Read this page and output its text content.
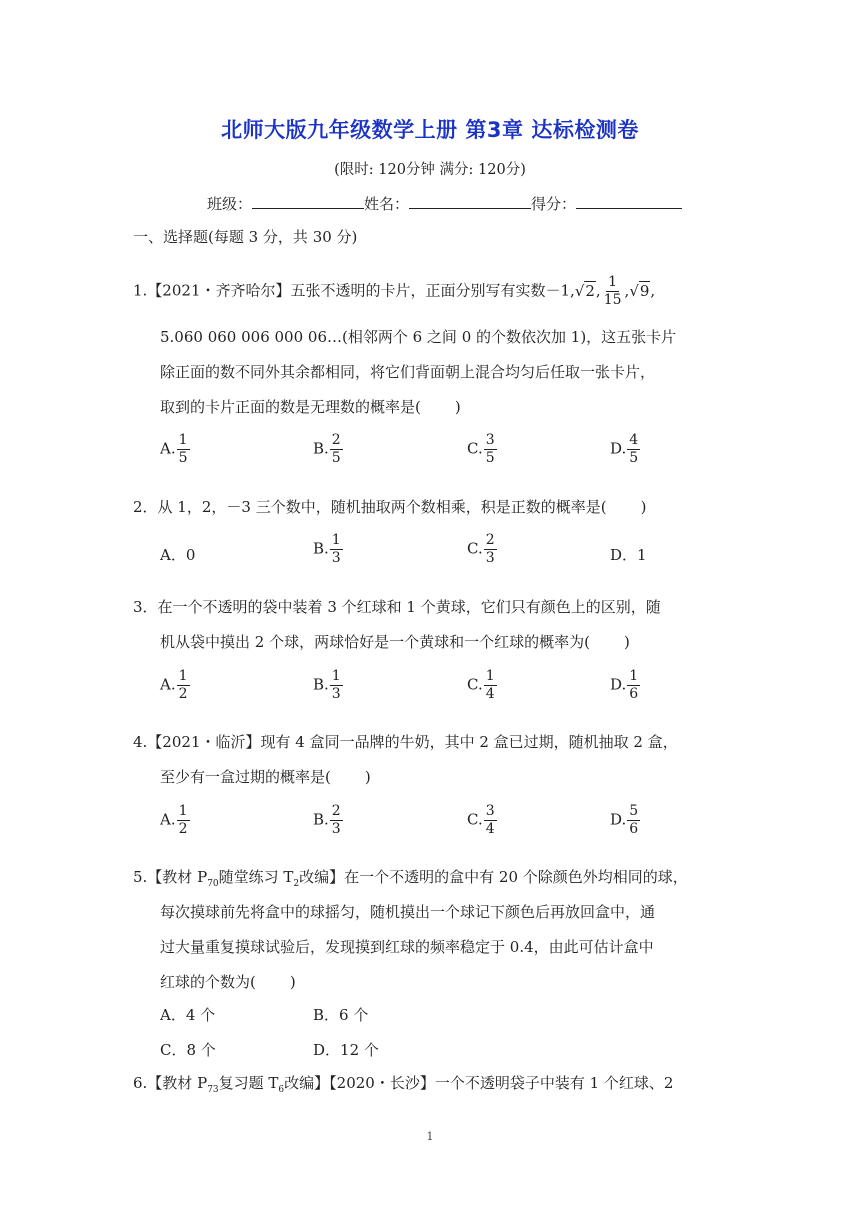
北师大版九年级数学上册 第3章 达标检测卷
(限时: 120分钟 满分: 120分)
班级：	姓名：	得分：
一、选择题(每题 3 分，共 30 分)
1.【2021・齐齐哈尔】五张不透明的卡片，正面分别写有实数－1,√2, $\frac{1}{15} ,√9$,
5.060 060 006 000 06…(相邻两个 6 之间 0 的个数依次加 1)，这五张卡片
除正面的数不同外其余都相同，将它们背面朝上混合均匀后任取一张卡片，
取到的卡片正面的数是无理数的概率是( )
A. $\frac{1}{5}$	B. $\frac{2}{5}$	C. $\frac{3}{5}$	D. $\frac{4}{5}$
2．从 1，2，－3 三个数中，随机抽取两个数相乘，积是正数的概率是( )
A．0	B. $\frac{1}{3}$	C. $\frac{2}{3}$	D．1
3．在一个不透明的袋中装着 3 个红球和 1 个黄球，它们只有颜色上的区别，随
机从袋中摸出 2 个球，两球恰好是一个黄球和一个红球的概率为( )
A. $\frac{1}{2}$	B. $\frac{1}{3}$	C. $\frac{1}{4}$	D. $\frac{1}{6}$
4.【2021・临沂】现有 4 盒同一品牌的牛奶，其中 2 盒已过期，随机抽取 2 盒，
至少有一盒过期的概率是( )
A. $\frac{1}{2}$	B. $\frac{2}{3}$	C. $\frac{3}{4}$	D. $\frac{5}{6}$
5.【教材 $P_{70}$随堂练习 $T_2$改编】在一个不透明的盒中有 20 个除颜色外均相同的球，
每次摸球前先将盒中的球摇匀，随机摸出一个球记下颜色后再放回盒中，通
过大量重复摸球试验后，发现摸到红球的频率稳定于 0.4，由此可估计盒中
红球的个数为( )
A．4 个	B．6 个
C．8 个	D．12 个
6.【教材 $P_{73}$复习题 $T_6$改编】【2020・长沙】一个不透明袋子中装有 1 个红球、2
1
